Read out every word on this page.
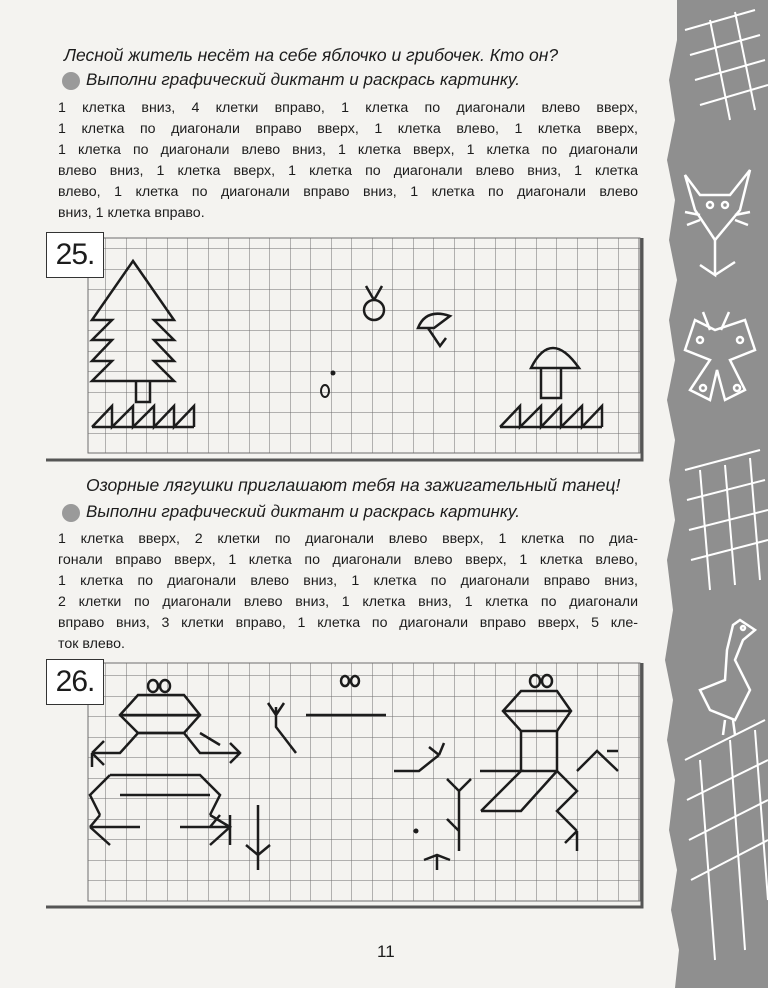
Лесной житель несёт на себе яблочко и грибочек. Кто он?
Выполни графический диктант и раскрась картинку.
1 клетка вниз, 4 клетки вправо, 1 клетка по диагонали влево вверх,
1 клетка по диагонали вправо вверх, 1 клетка влево, 1 клетка вверх,
1 клетка по диагонали влево вниз, 1 клетка вверх, 1 клетка по диагонали
влево вниз, 1 клетка вверх, 1 клетка по диагонали влево вниз, 1 клетка
влево, 1 клетка по диагонали вправо вниз, 1 клетка по диагонали влево
вниз, 1 клетка вправо.
25.
Озорные лягушки приглашают тебя на зажигательный танец!
Выполни графический диктант и раскрась картинку.
1 клетка вверх, 2 клетки по диагонали влево вверх, 1 клетка по диа-
гонали вправо вверх, 1 клетка по диагонали влево вверх, 1 клетка влево,
1 клетка по диагонали влево вниз, 1 клетка по диагонали вправо вниз,
2 клетки по диагонали влево вниз, 1 клетка вниз, 1 клетка по диагонали
вправо вниз, 3 клетки вправо, 1 клетка по диагонали вправо вверх, 5 кле-
ток влево.
26.
11
